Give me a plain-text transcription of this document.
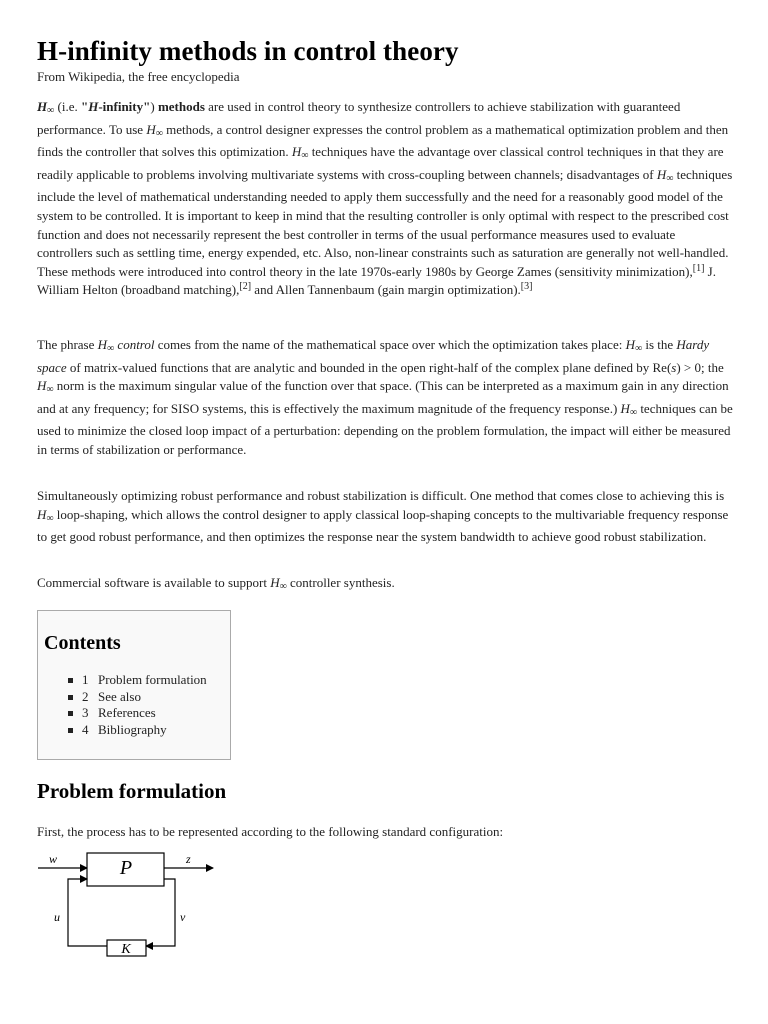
H-infinity methods in control theory
From Wikipedia, the free encyclopedia

$H_\infty$ (i.e. "H-infinity") methods are used in control theory to synthesize controllers to achieve stabilization with guaranteed performance. To use $H_\infty$ methods, a control designer expresses the control problem as a mathematical optimization problem and then finds the controller that solves this optimization. $H_\infty$ techniques have the advantage over classical control techniques in that they are readily applicable to problems involving multivariate systems with cross-coupling between channels; disadvantages of $H_\infty$ techniques include the level of mathematical understanding needed to apply them successfully and the need for a reasonably good model of the system to be controlled. It is important to keep in mind that the resulting controller is only optimal with respect to the prescribed cost function and does not necessarily represent the best controller in terms of the usual performance measures used to evaluate controllers such as settling time, energy expended, etc. Also, non-linear constraints such as saturation are generally not well-handled. These methods were introduced into control theory in the late 1970s-early 1980s by George Zames (sensitivity minimization),[1] J. William Helton (broadband matching),[2] and Allen Tannenbaum (gain margin optimization).[3]

The phrase $H_\infty$ control comes from the name of the mathematical space over which the optimization takes place: $H_\infty$ is the Hardy space of matrix-valued functions that are analytic and bounded in the open right-half of the complex plane defined by Re(s) > 0; the $H_\infty$ norm is the maximum singular value of the function over that space. (This can be interpreted as a maximum gain in any direction and at any frequency; for SISO systems, this is effectively the maximum magnitude of the frequency response.) $H_\infty$ techniques can be used to minimize the closed loop impact of a perturbation: depending on the problem formulation, the impact will either be measured in terms of stabilization or performance.

Simultaneously optimizing robust performance and robust stabilization is difficult. One method that comes close to achieving this is $H_\infty$ loop-shaping, which allows the control designer to apply classical loop-shaping concepts to the multivariable frequency response to get good robust performance, and then optimizes the response near the system bandwidth to achieve good robust stabilization.

Commercial software is available to support $H_\infty$ controller synthesis.

Contents
1 Problem formulation
2 See also
3 References
4 Bibliography
Problem formulation

First, the process has to be represented according to the following standard configuration:

P
K
w	z
u	v
